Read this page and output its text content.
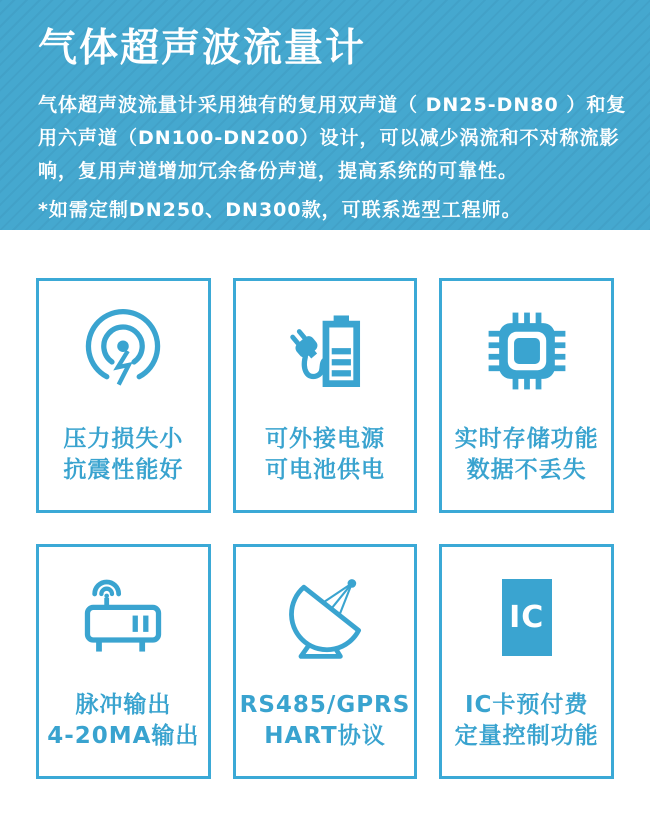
气体超声波流量计
气体超声波流量计采用独有的复用双声道（ DN25-DN80 ）和复
用六声道（DN100-DN200）设计，可以减少涡流和不对称流影
响，复用声道增加冗余备份声道，提高系统的可靠性。
*如需定制DN250、DN300款，可联系选型工程师。
压力损失小
抗震性能好
可外接电源
可电池供电
实时存储功能
数据不丢失
脉冲输出
4-20MA输出
RS485/GPRS
HART协议
IC
IC卡预付费
定量控制功能
